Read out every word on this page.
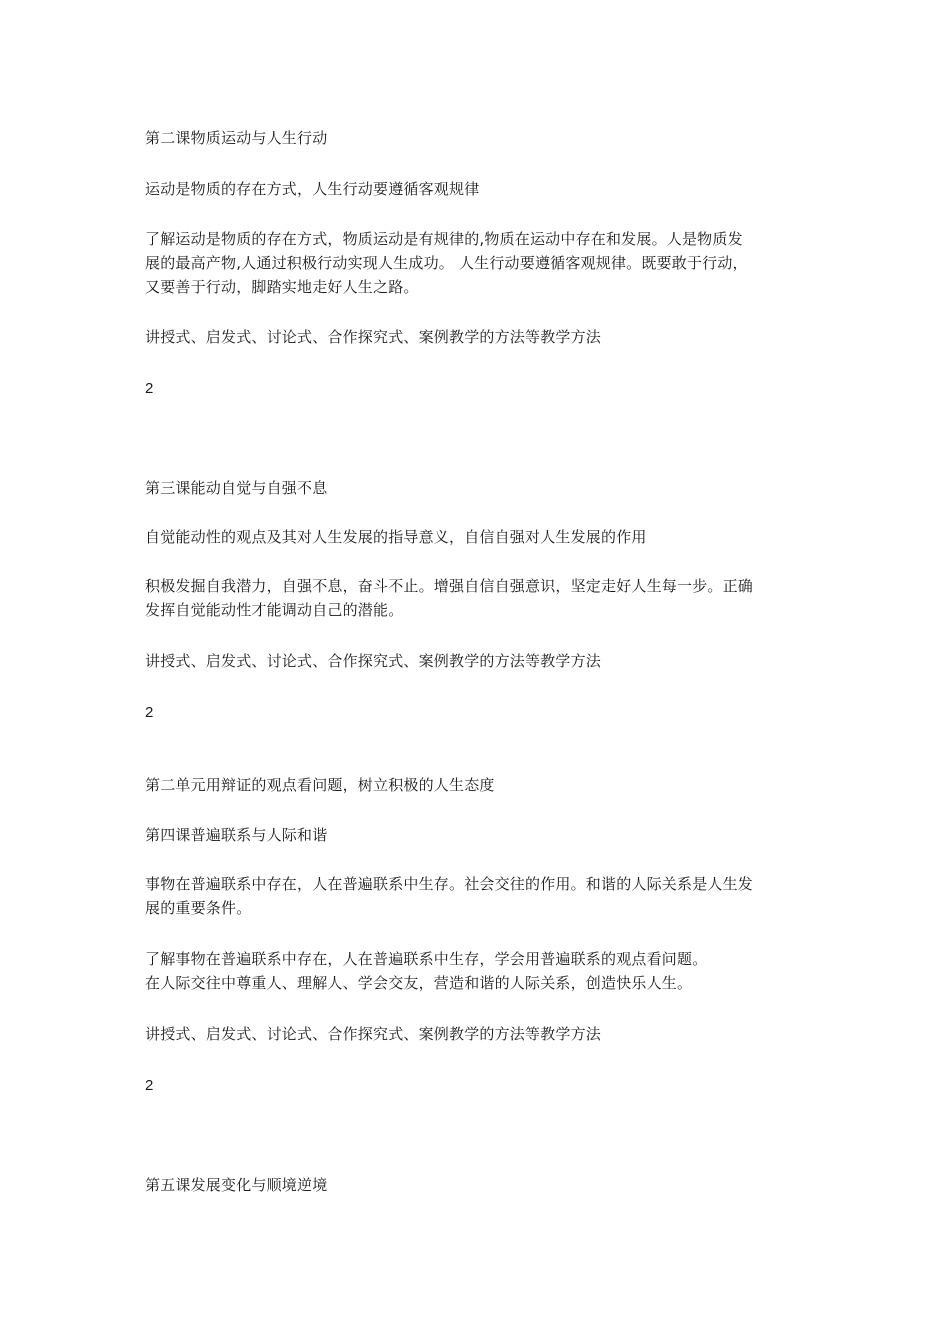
第二课物质运动与人生行动
运动是物质的存在方式，人生行动要遵循客观规律
了解运动是物质的存在方式，物质运动是有规律的,物质在运动中存在和发展。人是物质发
展的最高产物,人通过积极行动实现人生成功。 人生行动要遵循客观规律。既要敢于行动，
又要善于行动，脚踏实地走好人生之路。
讲授式、启发式、讨论式、合作探究式、案例教学的方法等教学方法
2
第三课能动自觉与自强不息
自觉能动性的观点及其对人生发展的指导意义，自信自强对人生发展的作用
积极发掘自我潜力，自强不息，奋斗不止。增强自信自强意识，坚定走好人生每一步。正确
发挥自觉能动性才能调动自己的潜能。
讲授式、启发式、讨论式、合作探究式、案例教学的方法等教学方法
2
第二单元用辩证的观点看问题，树立积极的人生态度
第四课普遍联系与人际和谐
事物在普遍联系中存在，人在普遍联系中生存。社会交往的作用。和谐的人际关系是人生发
展的重要条件。
了解事物在普遍联系中存在，人在普遍联系中生存，学会用普遍联系的观点看问题。
在人际交往中尊重人、理解人、学会交友，营造和谐的人际关系，创造快乐人生。
讲授式、启发式、讨论式、合作探究式、案例教学的方法等教学方法
2
第五课发展变化与顺境逆境
